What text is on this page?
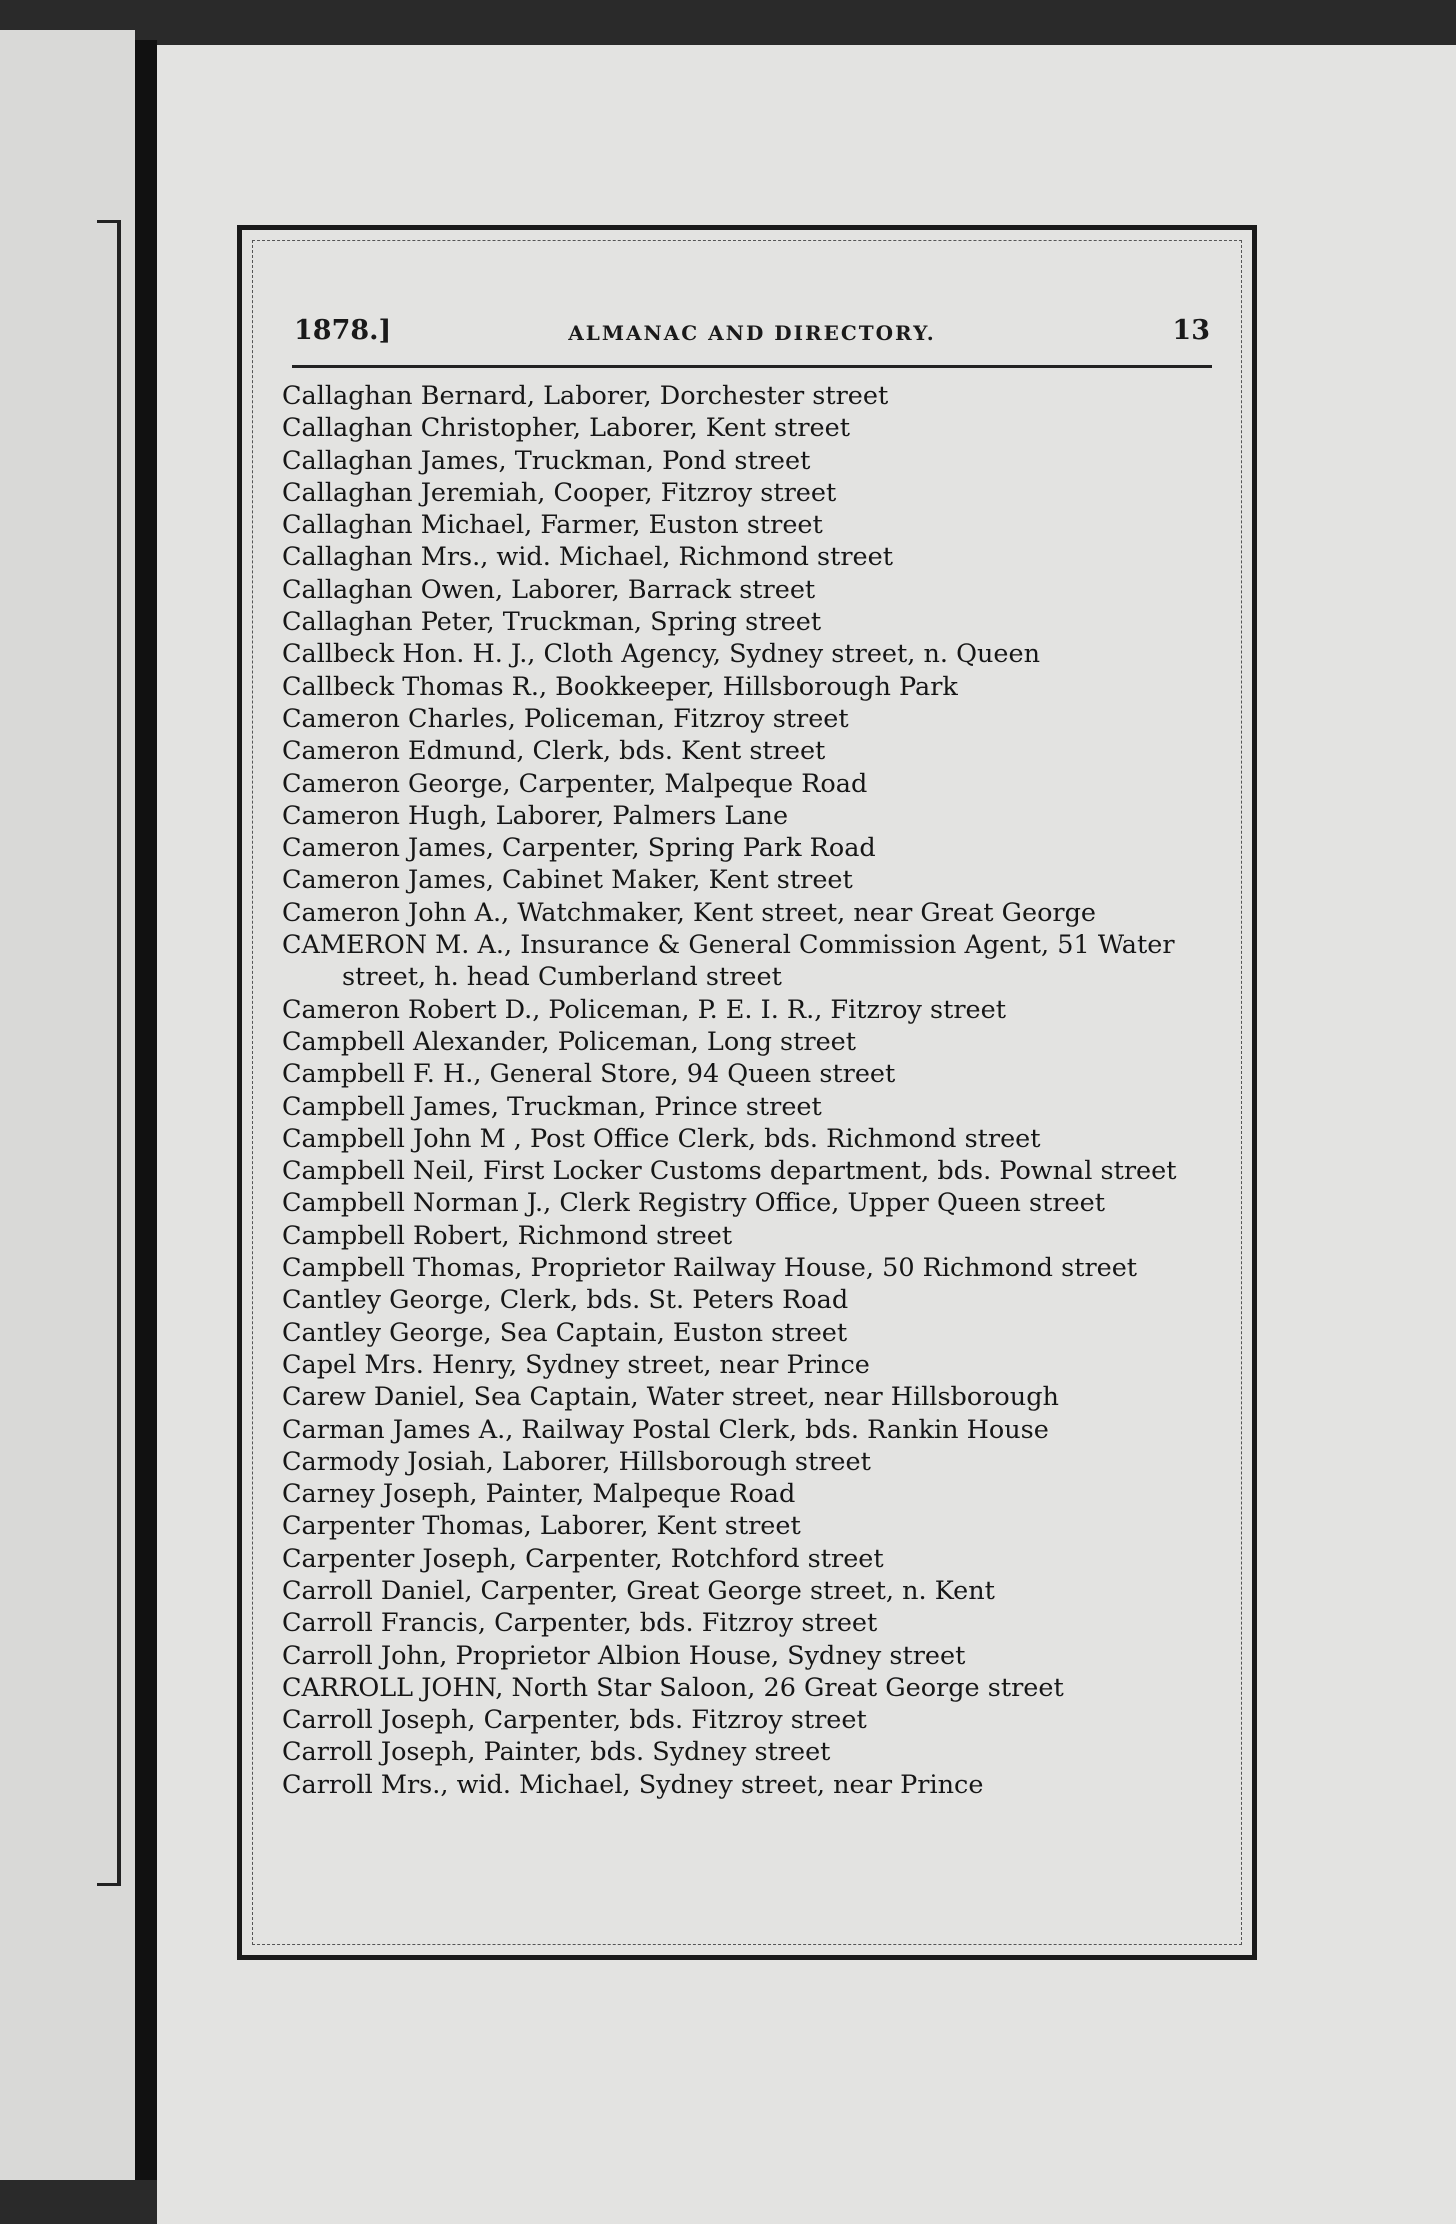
1878.]	ALMANAC AND DIRECTORY.	13
Callaghan Bernard, Laborer, Dorchester street
Callaghan Christopher, Laborer, Kent street
Callaghan James, Truckman, Pond street
Callaghan Jeremiah, Cooper, Fitzroy street
Callaghan Michael, Farmer, Euston street
Callaghan Mrs., wid. Michael, Richmond street
Callaghan Owen, Laborer, Barrack street
Callaghan Peter, Truckman, Spring street
Callbeck Hon. H. J., Cloth Agency, Sydney street, n. Queen
Callbeck Thomas R., Bookkeeper, Hillsborough Park
Cameron Charles, Policeman, Fitzroy street
Cameron Edmund, Clerk, bds. Kent street
Cameron George, Carpenter, Malpeque Road
Cameron Hugh, Laborer, Palmers Lane
Cameron James, Carpenter, Spring Park Road
Cameron James, Cabinet Maker, Kent street
Cameron John A., Watchmaker, Kent street, near Great George
CAMERON M. A., Insurance & General Commission Agent, 51 Water street, h. head Cumberland street
Cameron Robert D., Policeman, P. E. I. R., Fitzroy street
Campbell Alexander, Policeman, Long street
Campbell F. H., General Store, 94 Queen street
Campbell James, Truckman, Prince street
Campbell John M , Post Office Clerk, bds. Richmond street
Campbell Neil, First Locker Customs department, bds. Pownal street
Campbell Norman J., Clerk Registry Office, Upper Queen street
Campbell Robert, Richmond street
Campbell Thomas, Proprietor Railway House, 50 Richmond street
Cantley George, Clerk, bds. St. Peters Road
Cantley George, Sea Captain, Euston street
Capel Mrs. Henry, Sydney street, near Prince
Carew Daniel, Sea Captain, Water street, near Hillsborough
Carman James A., Railway Postal Clerk, bds. Rankin House
Carmody Josiah, Laborer, Hillsborough street
Carney Joseph, Painter, Malpeque Road
Carpenter Thomas, Laborer, Kent street
Carpenter Joseph, Carpenter, Rotchford street
Carroll Daniel, Carpenter, Great George street, n. Kent
Carroll Francis, Carpenter, bds. Fitzroy street
Carroll John, Proprietor Albion House, Sydney street
CARROLL JOHN, North Star Saloon, 26 Great George street
Carroll Joseph, Carpenter, bds. Fitzroy street
Carroll Joseph, Painter, bds. Sydney street
Carroll Mrs., wid. Michael, Sydney street, near Prince
